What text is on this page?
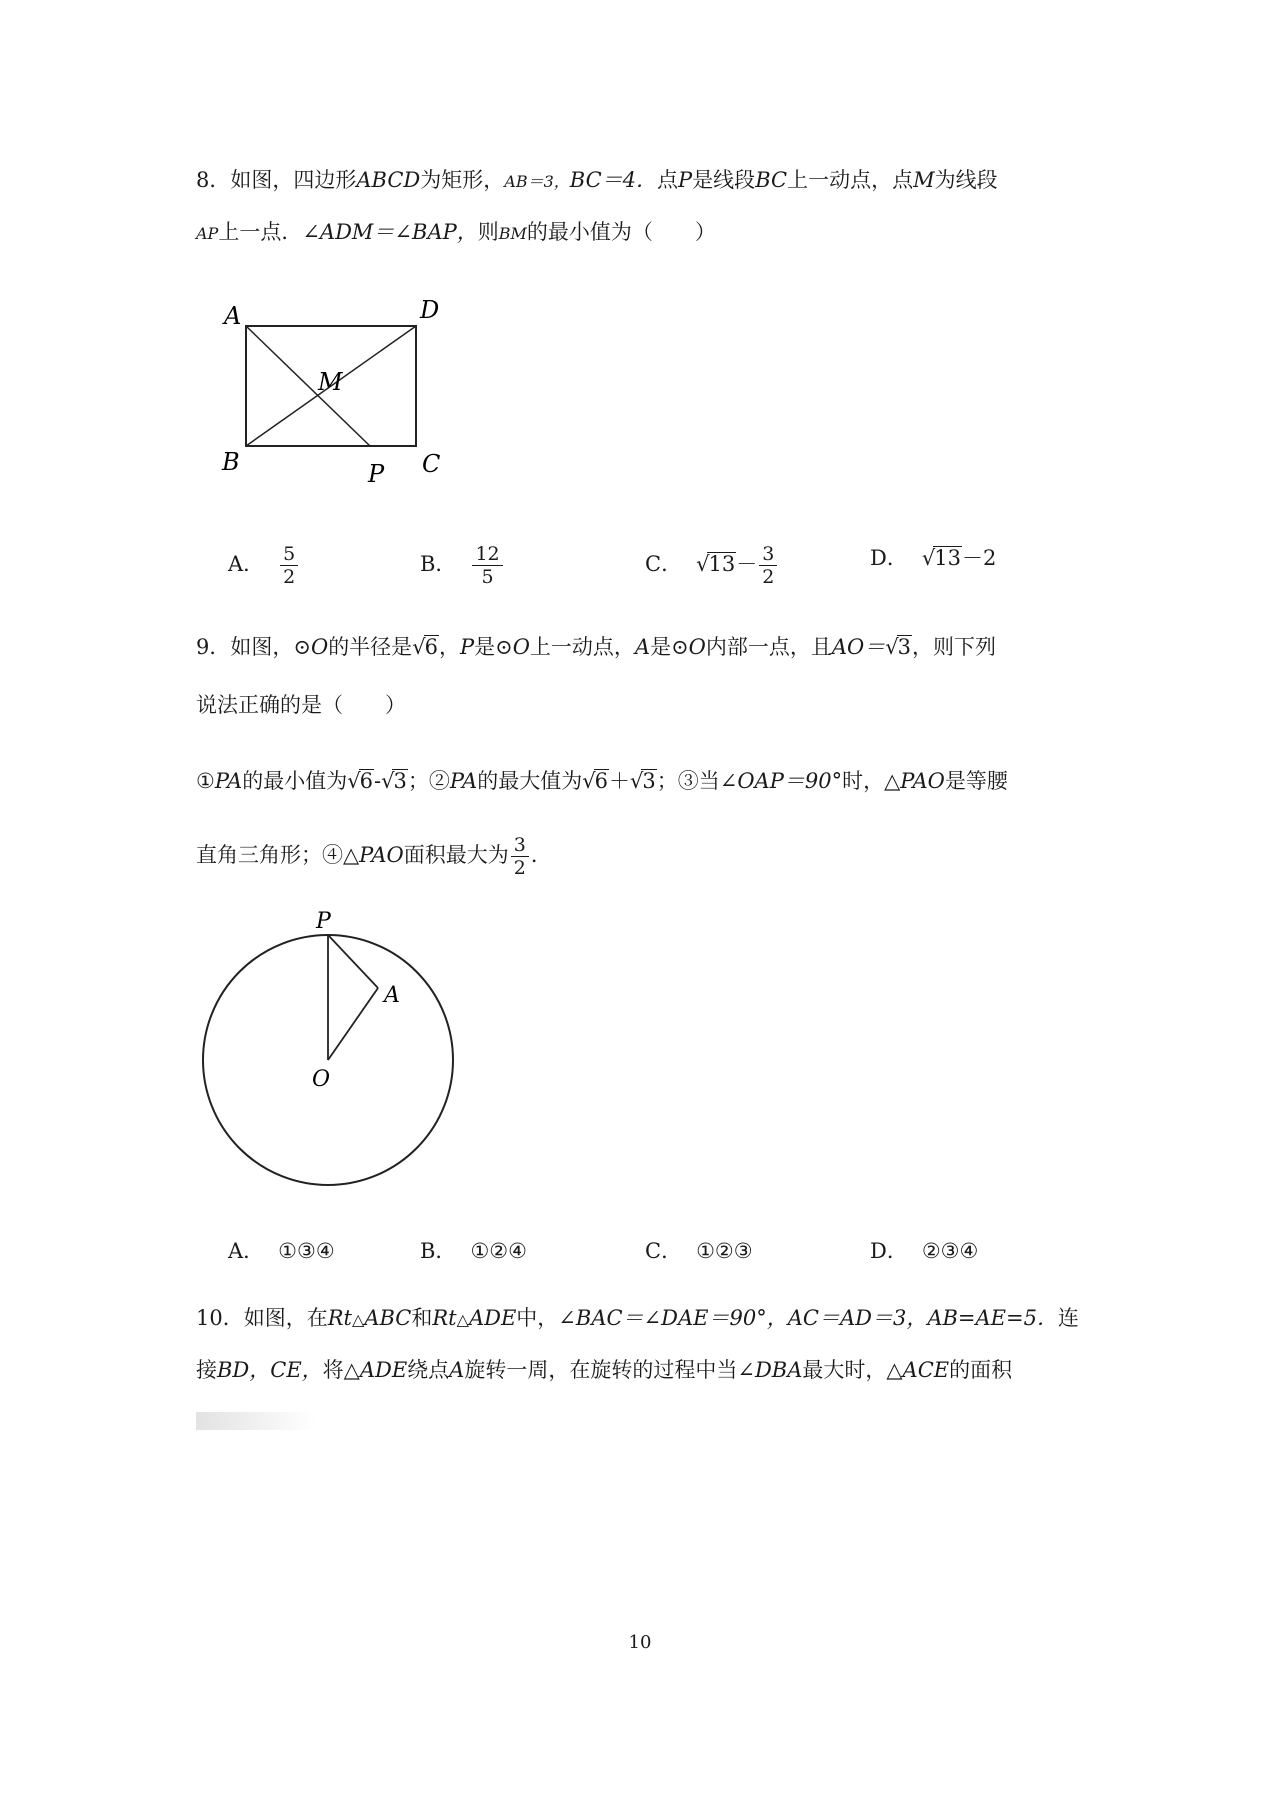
8．如图，四边形ABCD为矩形，AB＝3，BC＝4．点P是线段BC上一动点，点M为线段
AP上一点．∠ADM＝∠BAP，则BM的最小值为（　　）
A	D
M
B	P C
A． $\frac{5}{2}$	B． $\frac{12}{5}$	C． $√13- \frac{3}{2}$	D． √13－2
9．如图，⊙O的半径是√6，P是⊙O上一动点，A是⊙O内部一点，且AO＝√3，则下列
说法正确的是（　　）
①PA的最小值为√6-√3；②PA的最大值为√6＋√3；③当∠OAP＝90°时，△PAO是等腰
直角三角形；④△PAO面积最大为 $\frac{3}{2}$ ．
P
A
O
A． ①③④	B． ①②④	C． ①②③	D． ②③④
10．如图，在Rt△ABC和Rt△ADE中，∠BAC＝∠DAE＝90°，AC＝AD＝3，AB=AE=5．连
接BD，CE，将△ADE绕点A旋转一周，在旋转的过程中当∠DBA最大时，△ACE的面积
10
